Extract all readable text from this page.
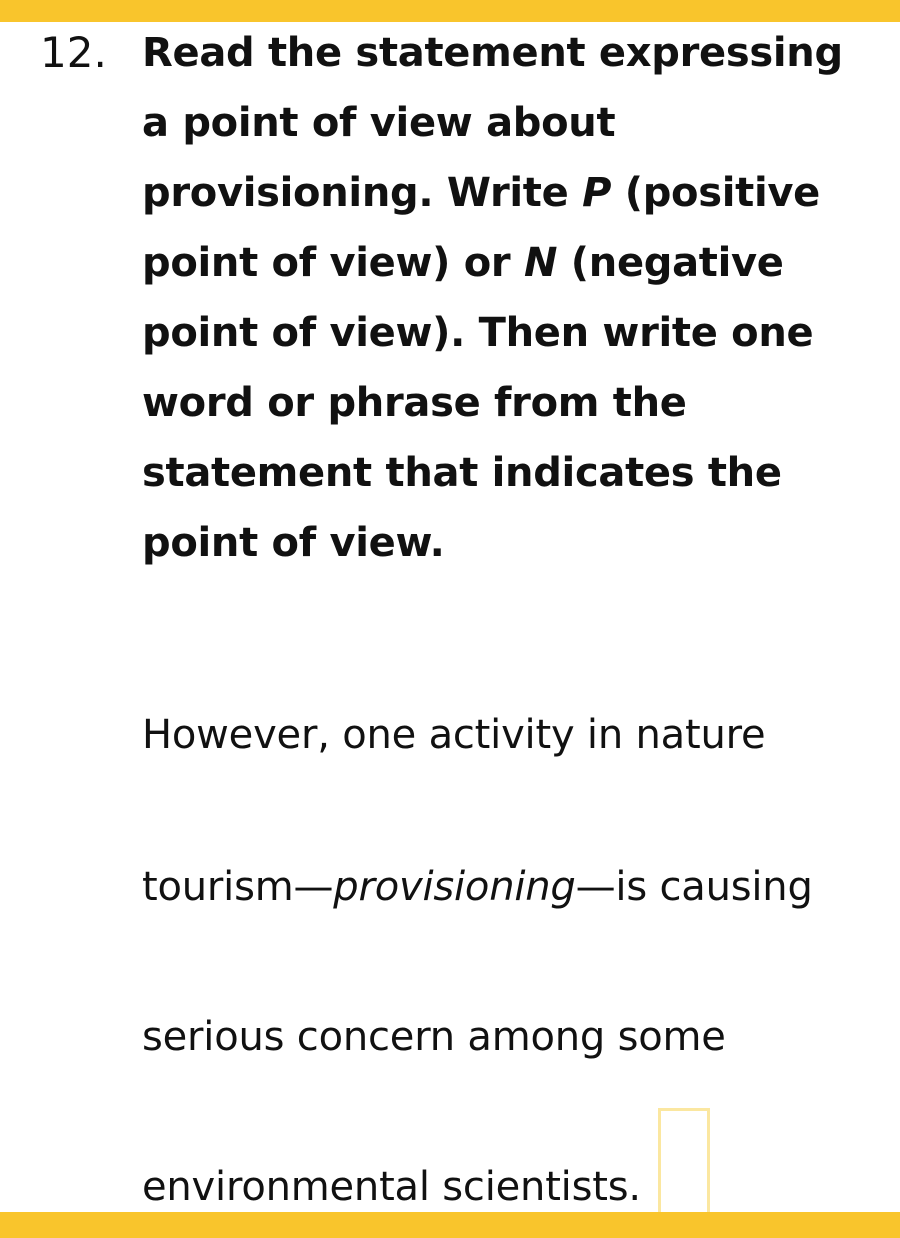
12. Read the statement expressing a point of view about provisioning. Write P (positive point of view) or N (negative point of view). Then write one word or phrase from the statement that indicates the point of view.

However, one activity in nature
tourism—provisioning—is causing
serious concern among some
environmental scientists.
